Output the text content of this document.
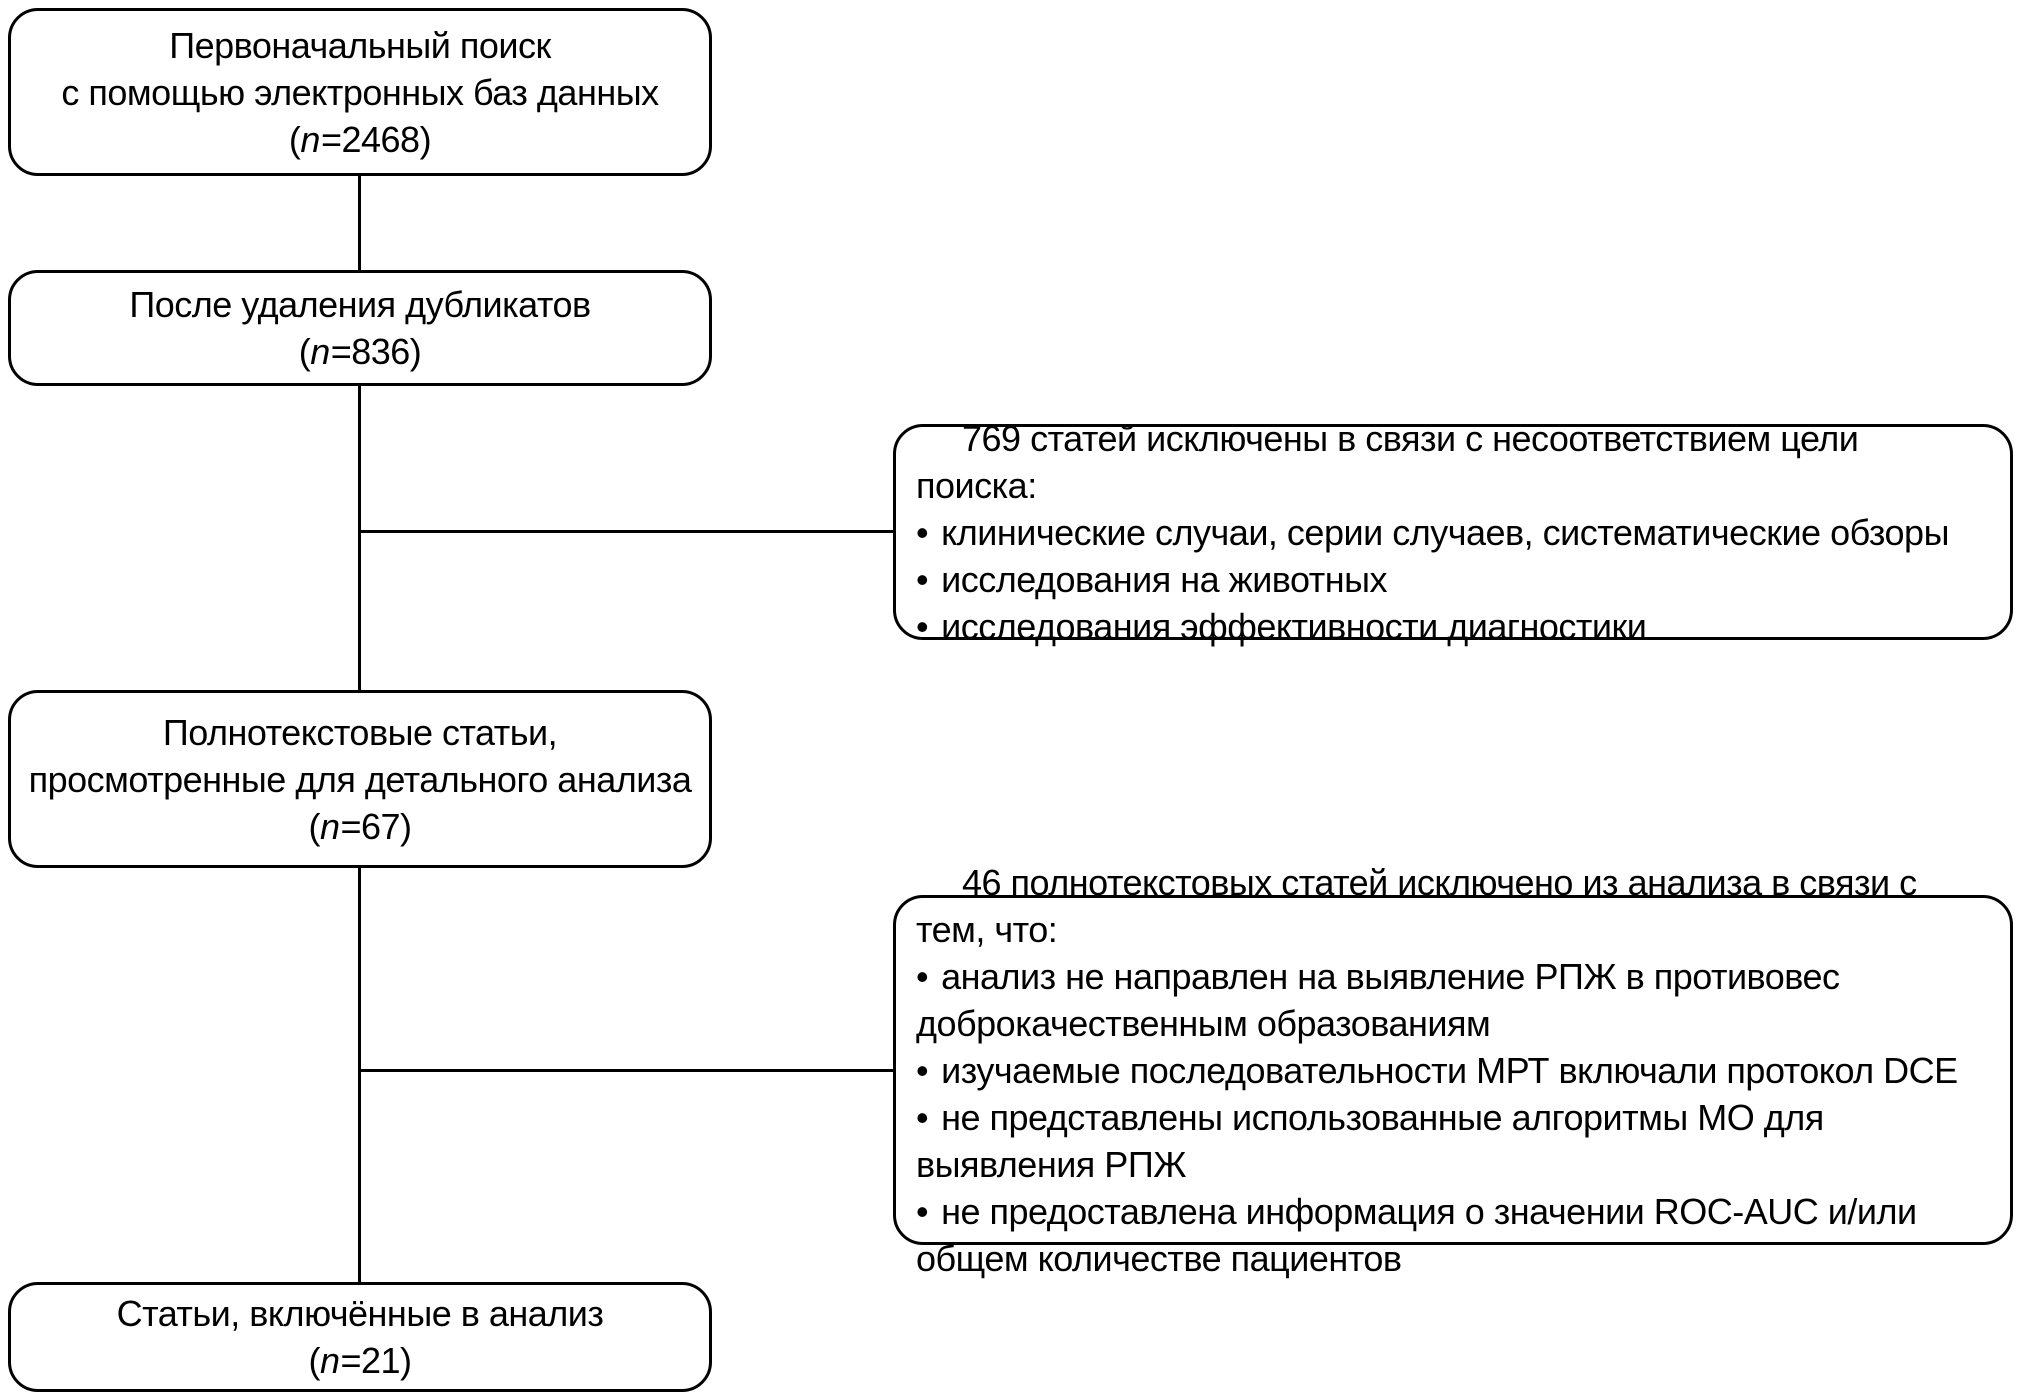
Первоначальный поиск
с помощью электронных баз данных
(n=2468)
После удаления дубликатов
(n=836)
Полнотекстовые статьи,
просмотренные для детального анализа
(n=67)
Статьи, включённые в анализ
(n=21)
769 статей исключены в связи с несоответствием цели поиска:
• клинические случаи, серии случаев, систематические обзоры
• исследования на животных
• исследования эффективности диагностики
46 полнотекстовых статей исключено из анализа в связи с тем, что:
• анализ не направлен на выявление РПЖ в противовес доброкачественным образованиям
• изучаемые последовательности МРТ включали протокол DCE
• не представлены использованные алгоритмы МО для выявления РПЖ
• не предоставлена информация о значении ROC-AUC и/или общем количестве пациентов
